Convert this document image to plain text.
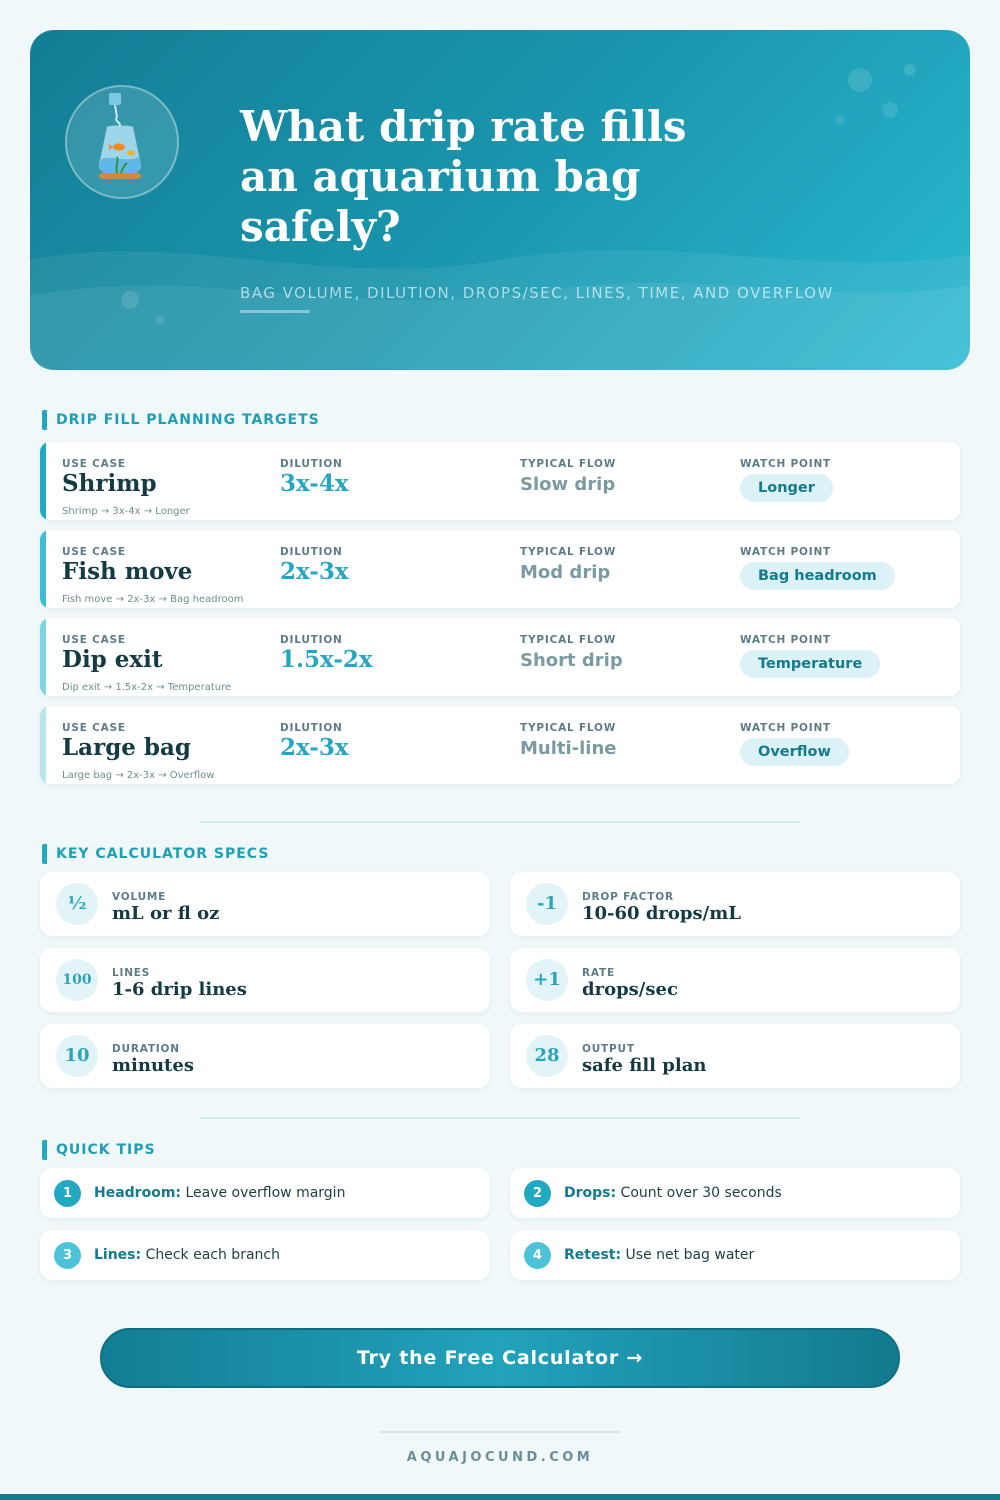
What drip rate fills an aquarium bag safely?
BAG VOLUME, DILUTION, DROPS/SEC, LINES, TIME, AND OVERFLOW
DRIP FILL PLANNING TARGETS
USE CASE	DILUTION	TYPICAL FLOW	WATCH POINT
Shrimp	3x-4x	Slow drip	Longer
Shrimp → 3x-4x → Longer
USE CASE	DILUTION	TYPICAL FLOW	WATCH POINT
Fish move	2x-3x	Mod drip	Bag headroom
Fish move → 2x-3x → Bag headroom
USE CASE	DILUTION	TYPICAL FLOW	WATCH POINT
Dip exit	1.5x-2x	Short drip	Temperature
Dip exit → 1.5x-2x → Temperature
USE CASE	DILUTION	TYPICAL FLOW	WATCH POINT
Large bag	2x-3x	Multi-line	Overflow
Large bag → 2x-3x → Overflow
KEY CALCULATOR SPECS
½	VOLUME
mL or fl oz	-1	DROP FACTOR
10-60 drops/mL
100	LINES
1-6 drip lines	+1	RATE
drops/sec
10	DURATION
minutes	28	OUTPUT
safe fill plan
QUICK TIPS
1	Headroom: Leave overflow margin	2	Drops: Count over 30 seconds
3	Lines: Check each branch	4	Retest: Use net bag water
Try the Free Calculator →
AQUAJOCUND.COM
